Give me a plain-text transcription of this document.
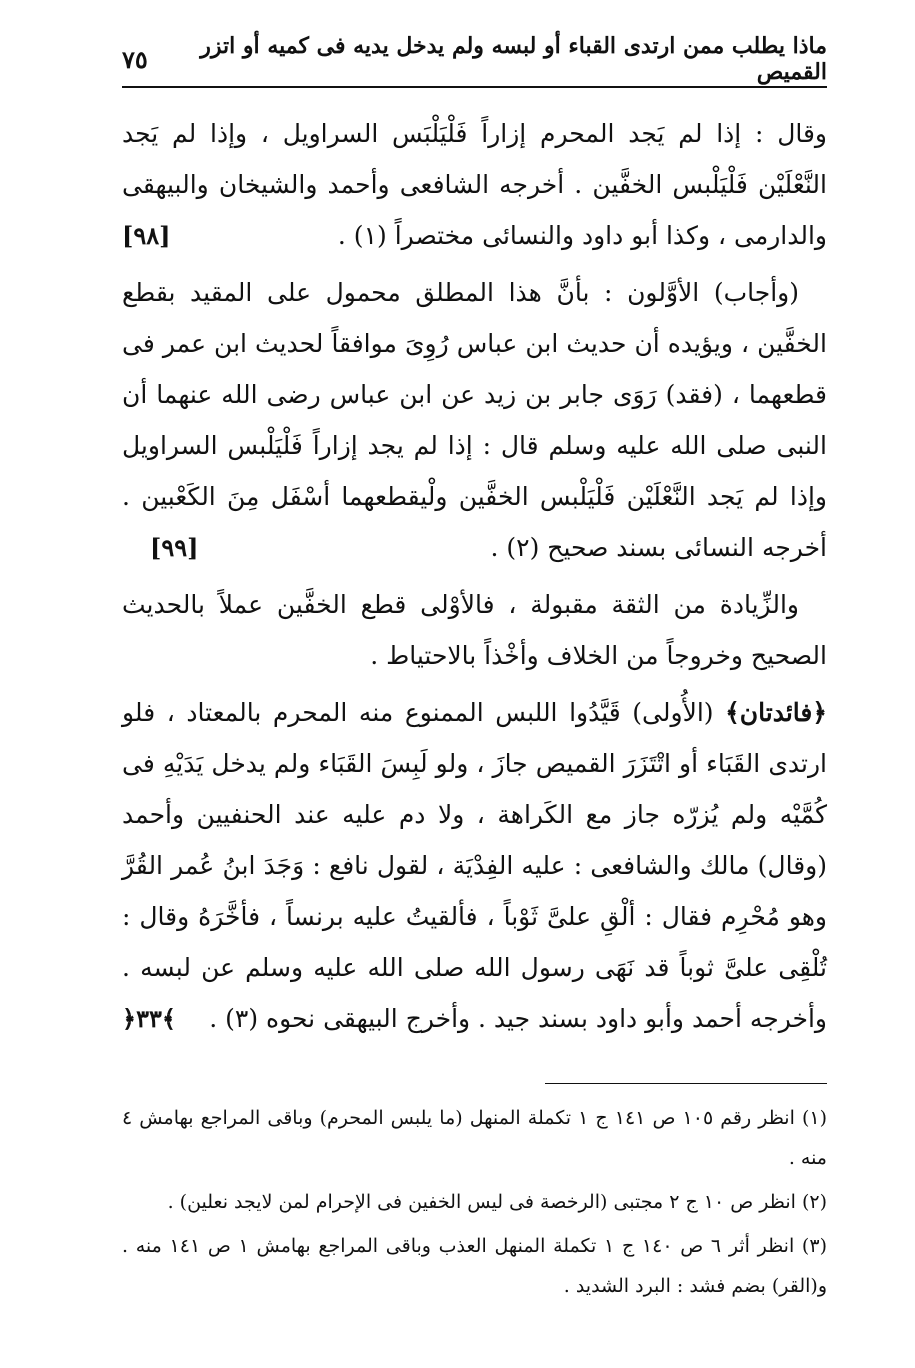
ماذا يطلب ممن ارتدى القباء أو لبسه ولم يدخل يديه فى كميه أو اتزر القميص
٧٥
وقال : إذا لم يَجد المحرم إزاراً فَلْيَلْبَس السراويل ، وإذا لم يَجد النَّعْلَيْن فَلْيَلْبس الخفَّين . أخرجه الشافعى وأحمد والشيخان والبيهقى والدارمى ، وكذا أبو داود والنسائى مختصراً (١) .
[٩٨]
(وأجاب) الأوَّلون : بأنَّ هذا المطلق محمول على المقيد بقطع الخفَّين ، ويؤيده أن حديث ابن عباس رُوِىَ موافقاً لحديث ابن عمر فى قطعهما ، (فقد) رَوَى جابر بن زيد عن ابن عباس رضى الله عنهما أن النبى صلى الله عليه وسلم قال : إذا لم يجد إزاراً فَلْيَلْبس السراويل وإذا لم يَجد النَّعْلَيْن فَلْيَلْبس الخفَّين ولْيقطعهما أسْفَل مِنَ الكَعْبين . أخرجه النسائى بسند صحيح (٢) .
[٩٩]
والزِّيادة من الثقة مقبولة ، فالأوْلى قطع الخفَّين عملاً بالحديث الصحيح وخروجاً من الخلاف وأخْذاً بالاحتياط .
﴿فائدتان﴾ (الأُولى) قَيَّدُوا اللبس الممنوع منه المحرم بالمعتاد ، فلو ارتدى القَبَاء أو اتْتَزَرَ القميص جازَ ، ولو لَبِسَ القَبَاء ولم يدخل يَدَيْهِ فى كُمَّيْه ولم يُزرّه جاز مع الكَراهة ، ولا دم عليه عند الحنفيين وأحمد (وقال) مالك والشافعى : عليه الفِدْيَة ، لقول نافع : وَجَدَ ابنُ عُمر القُرَّ وهو مُحْرِم فقال : ألْقِ علىَّ ثَوْباً ، فألقيتُ عليه برنساً ، فأخَّرَهُ وقال : تُلْقِى علىَّ ثوباً قد نَهَى رسول الله صلى الله عليه وسلم عن لبسه . وأخرجه أحمد وأبو داود بسند جيد . وأخرج البيهقى نحوه (٣) .
﴿٣٣﴾
(١) انظر رقم ١٠٥ ص ١٤١ ج ١ تكملة المنهل (ما يلبس المحرم) وباقى المراجع بهامش ٤ منه .
(٢) انظر ص ١٠ ج ٢ مجتبى (الرخصة فى ليس الخفين فى الإحرام لمن لايجد نعلين) .
(٣) انظر أثر ٦ ص ١٤٠ ج ١ تكملة المنهل العذب وباقى المراجع بهامش ١ ص ١٤١ منه . و(القر) بضم فشد : البرد الشديد .
